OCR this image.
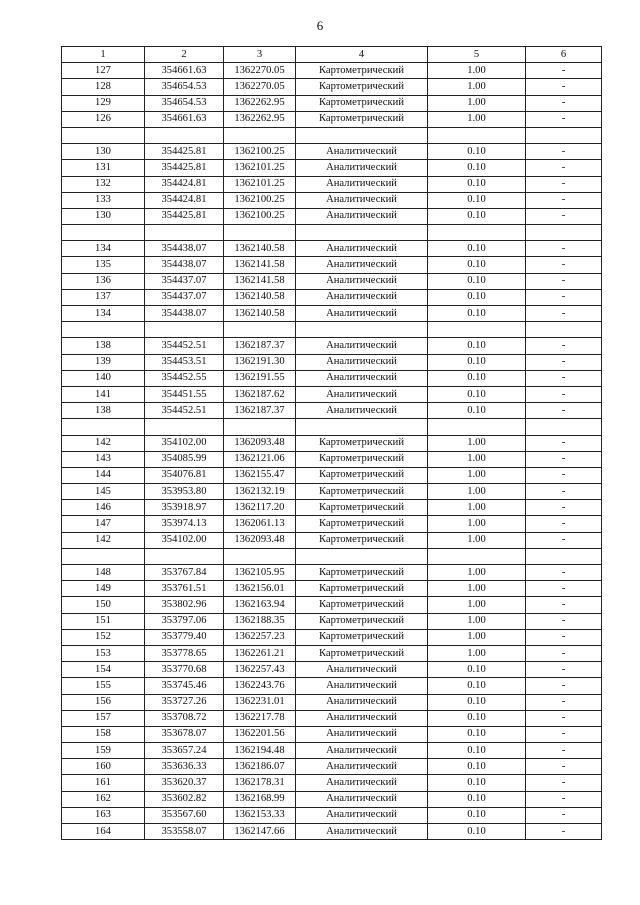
6
1	2	3	4	5	6
127	354661.63	1362270.05	Картометрический	1.00	-
128	354654.53	1362270.05	Картометрический	1.00	-
129	354654.53	1362262.95	Картометрический	1.00	-
126	354661.63	1362262.95	Картометрический	1.00	-

130	354425.81	1362100.25	Аналитический	0.10	-
131	354425.81	1362101.25	Аналитический	0.10	-
132	354424.81	1362101.25	Аналитический	0.10	-
133	354424.81	1362100.25	Аналитический	0.10	-
130	354425.81	1362100.25	Аналитический	0.10	-

134	354438.07	1362140.58	Аналитический	0.10	-
135	354438.07	1362141.58	Аналитический	0.10	-
136	354437.07	1362141.58	Аналитический	0.10	-
137	354437.07	1362140.58	Аналитический	0.10	-
134	354438.07	1362140.58	Аналитический	0.10	-

138	354452.51	1362187.37	Аналитический	0.10	-
139	354453.51	1362191.30	Аналитический	0.10	-
140	354452.55	1362191.55	Аналитический	0.10	-
141	354451.55	1362187.62	Аналитический	0.10	-
138	354452.51	1362187.37	Аналитический	0.10	-

142	354102.00	1362093.48	Картометрический	1.00	-
143	354085.99	1362121.06	Картометрический	1.00	-
144	354076.81	1362155.47	Картометрический	1.00	-
145	353953.80	1362132.19	Картометрический	1.00	-
146	353918.97	1362117.20	Картометрический	1.00	-
147	353974.13	1362061.13	Картометрический	1.00	-
142	354102.00	1362093.48	Картометрический	1.00	-

148	353767.84	1362105.95	Картометрический	1.00	-
149	353761.51	1362156.01	Картометрический	1.00	-
150	353802.96	1362163.94	Картометрический	1.00	-
151	353797.06	1362188.35	Картометрический	1.00	-
152	353779.40	1362257.23	Картометрический	1.00	-
153	353778.65	1362261.21	Картометрический	1.00	-
154	353770.68	1362257.43	Аналитический	0.10	-
155	353745.46	1362243.76	Аналитический	0.10	-
156	353727.26	1362231.01	Аналитический	0.10	-
157	353708.72	1362217.78	Аналитический	0.10	-
158	353678.07	1362201.56	Аналитический	0.10	-
159	353657.24	1362194.48	Аналитический	0.10	-
160	353636.33	1362186.07	Аналитический	0.10	-
161	353620.37	1362178.31	Аналитический	0.10	-
162	353602.82	1362168.99	Аналитический	0.10	-
163	353567.60	1362153.33	Аналитический	0.10	-
164	353558.07	1362147.66	Аналитический	0.10	-
